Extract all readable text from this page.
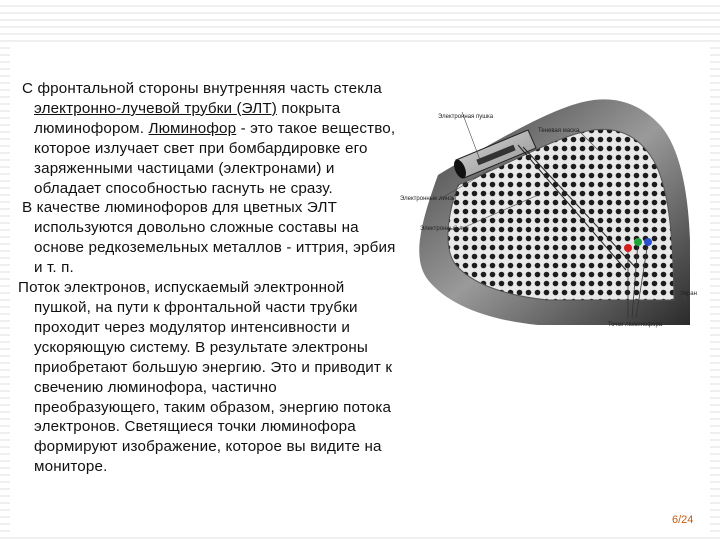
С фронтальной стороны внутренняя часть стекла
электронно-лучевой трубки (ЭЛТ) покрыта
люминофором. Люминофор - это такое вещество,
которое излучает свет при бомбардировке его
заряженными частицами (электронами) и
обладает способностью гаснуть не сразу.
В качестве люминофоров для цветных ЭЛТ
используются довольно сложные составы на
основе редкоземельных металлов - иттрия, эрбия
и т. п.
Поток электронов, испускаемый электронной
пушкой, на пути к фронтальной части трубки
проходит через модулятор интенсивности и
ускоряющую систему. В результате электроны
приобретают большую энергию. Это и приводит к
свечению люминофора, частично
преобразующего, таким образом, энергию потока
электронов. Светящиеся точки люминофора
формируют изображение, которое вы видите на
мониторе.
Электронная пушка
Теневая маска
Электронные линзы
Электронный луч
Экран
Точки люминофора
6/24
